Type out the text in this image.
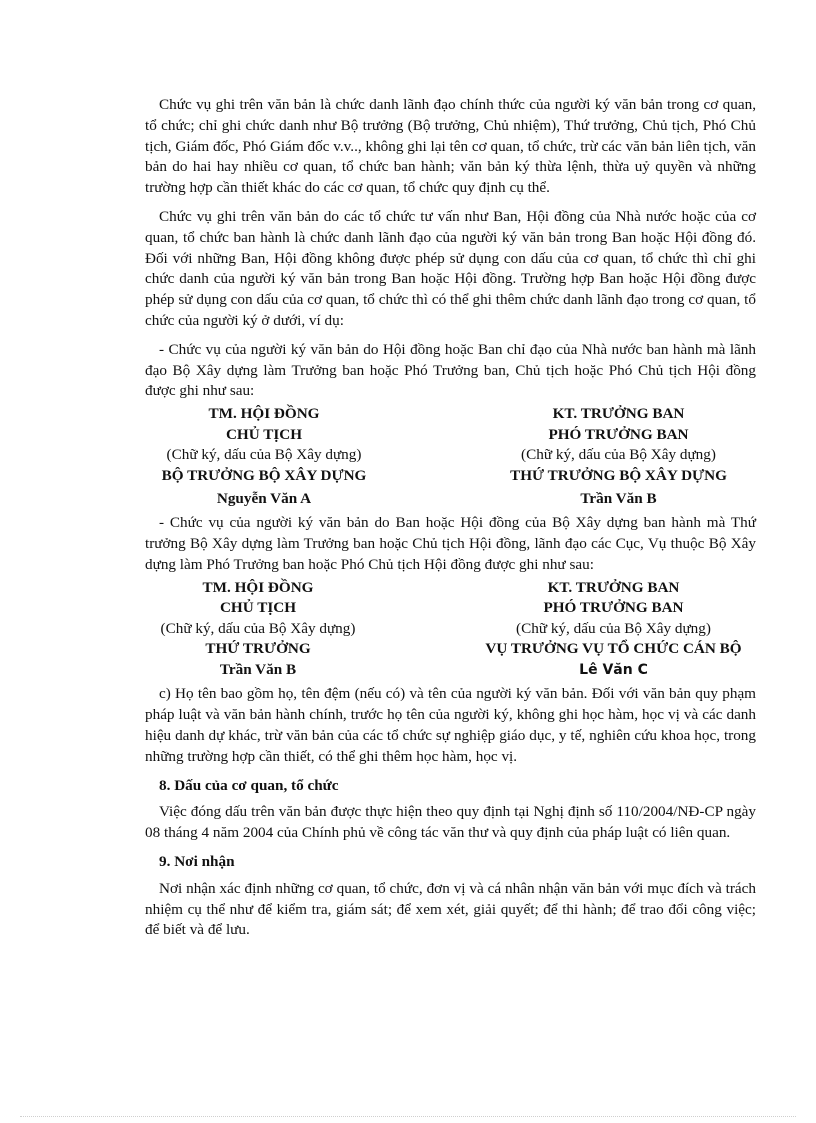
Chức vụ ghi trên văn bản là chức danh lãnh đạo chính thức của người ký văn bản trong cơ quan, tổ chức; chỉ ghi chức danh như Bộ trưởng (Bộ trưởng, Chủ nhiệm), Thứ trưởng, Chủ tịch, Phó Chủ tịch, Giám đốc, Phó Giám đốc v.v.., không ghi lại tên cơ quan, tổ chức, trừ các văn bản liên tịch, văn bản do hai hay nhiều cơ quan, tổ chức ban hành; văn bản ký thừa lệnh, thừa uỷ quyền và những trường hợp cần thiết khác do các cơ quan, tổ chức quy định cụ thể.

Chức vụ ghi trên văn bản do các tổ chức tư vấn như Ban, Hội đồng của Nhà nước hoặc của cơ quan, tổ chức ban hành là chức danh lãnh đạo của người ký văn bản trong Ban hoặc Hội đồng đó. Đối với những Ban, Hội đồng không được phép sử dụng con dấu của cơ quan, tổ chức thì chỉ ghi chức danh của người ký văn bản trong Ban hoặc Hội đồng. Trường hợp Ban hoặc Hội đồng được phép sử dụng con dấu của cơ quan, tổ chức thì có thể ghi thêm chức danh lãnh đạo trong cơ quan, tổ chức của người ký ở dưới, ví dụ:

- Chức vụ của người ký văn bản do Hội đồng hoặc Ban chỉ đạo của Nhà nước ban hành mà lãnh đạo Bộ Xây dựng làm Trưởng ban hoặc Phó Trưởng ban, Chủ tịch hoặc Phó Chủ tịch Hội đồng được ghi như sau:

TM. HỘI ĐỒNG
CHỦ TỊCH
(Chữ ký, dấu của Bộ Xây dựng)
BỘ TRƯỞNG BỘ XÂY DỰNG
Nguyễn Văn A
KT. TRƯỞNG BAN
PHÓ TRƯỞNG BAN
(Chữ ký, dấu của Bộ Xây dựng)
THỨ TRƯỞNG BỘ XÂY DỰNG
Trần Văn B

- Chức vụ của người ký văn bản do Ban hoặc Hội đồng của Bộ Xây dựng ban hành mà Thứ trưởng Bộ Xây dựng làm Trưởng ban hoặc Chủ tịch Hội đồng, lãnh đạo các Cục, Vụ thuộc Bộ Xây dựng làm Phó Trưởng ban hoặc Phó Chủ tịch Hội đồng được ghi như sau:

TM. HỘI ĐỒNG
CHỦ TỊCH
(Chữ ký, dấu của Bộ Xây dựng)
THỨ TRƯỞNG
Trần Văn B
KT. TRƯỞNG BAN
PHÓ TRƯỞNG BAN
(Chữ ký, dấu của Bộ Xây dựng)
VỤ TRƯỞNG VỤ TỔ CHỨC CÁN BỘ
Lê Văn C

c) Họ tên bao gồm họ, tên đệm (nếu có) và tên của người ký văn bản. Đối với văn bản quy phạm pháp luật và văn bản hành chính, trước họ tên của người ký, không ghi học hàm, học vị và các danh hiệu danh dự khác, trừ văn bản của các tổ chức sự nghiệp giáo dục, y tế, nghiên cứu khoa học, trong những trường hợp cần thiết, có thể ghi thêm học hàm, học vị.

8. Dấu của cơ quan, tổ chức

Việc đóng dấu trên văn bản được thực hiện theo quy định tại Nghị định số 110/2004/NĐ-CP ngày 08 tháng 4 năm 2004 của Chính phủ về công tác văn thư và quy định của pháp luật có liên quan.

9. Nơi nhận

Nơi nhận xác định những cơ quan, tổ chức, đơn vị và cá nhân nhận văn bản với mục đích và trách nhiệm cụ thể như để kiểm tra, giám sát; để xem xét, giải quyết; để thi hành; để trao đổi công việc; để biết và để lưu.
